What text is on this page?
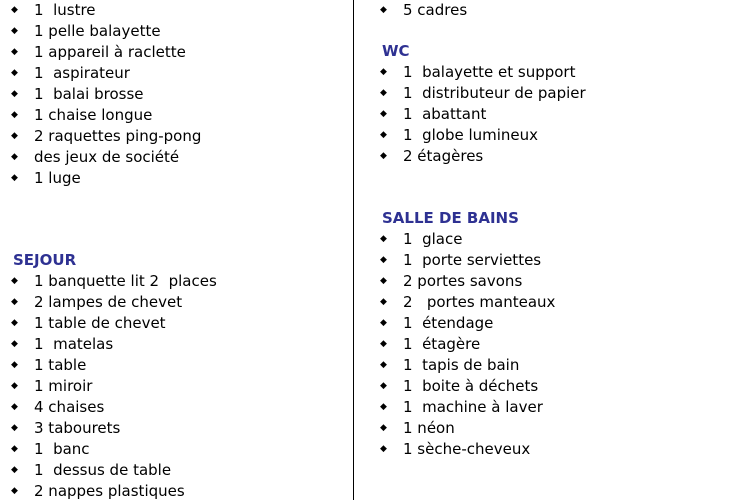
◆	1  lustre
◆	1 pelle balayette
◆	1 appareil à raclette
◆	1  aspirateur
◆	1  balai brosse
◆	1 chaise longue
◆	2 raquettes ping-pong
◆	des jeux de société
◆	1 luge
SEJOUR
◆	1 banquette lit 2  places
◆	2 lampes de chevet
◆	1 table de chevet
◆	1  matelas
◆	1 table
◆	1 miroir
◆	4 chaises
◆	3 tabourets
◆	1  banc
◆	1  dessus de table
◆	2 nappes plastiques
◆	5 cadres
WC
◆	1  balayette et support
◆	1  distributeur de papier
◆	1  abattant
◆	1  globe lumineux
◆	2 étagères
SALLE DE BAINS
◆	1  glace
◆	1  porte serviettes
◆	2 portes savons
◆	2   portes manteaux
◆	1  étendage
◆	1  étagère
◆	1  tapis de bain
◆	1  boite à déchets
◆	1  machine à laver
◆	1 néon
◆	1 sèche-cheveux
